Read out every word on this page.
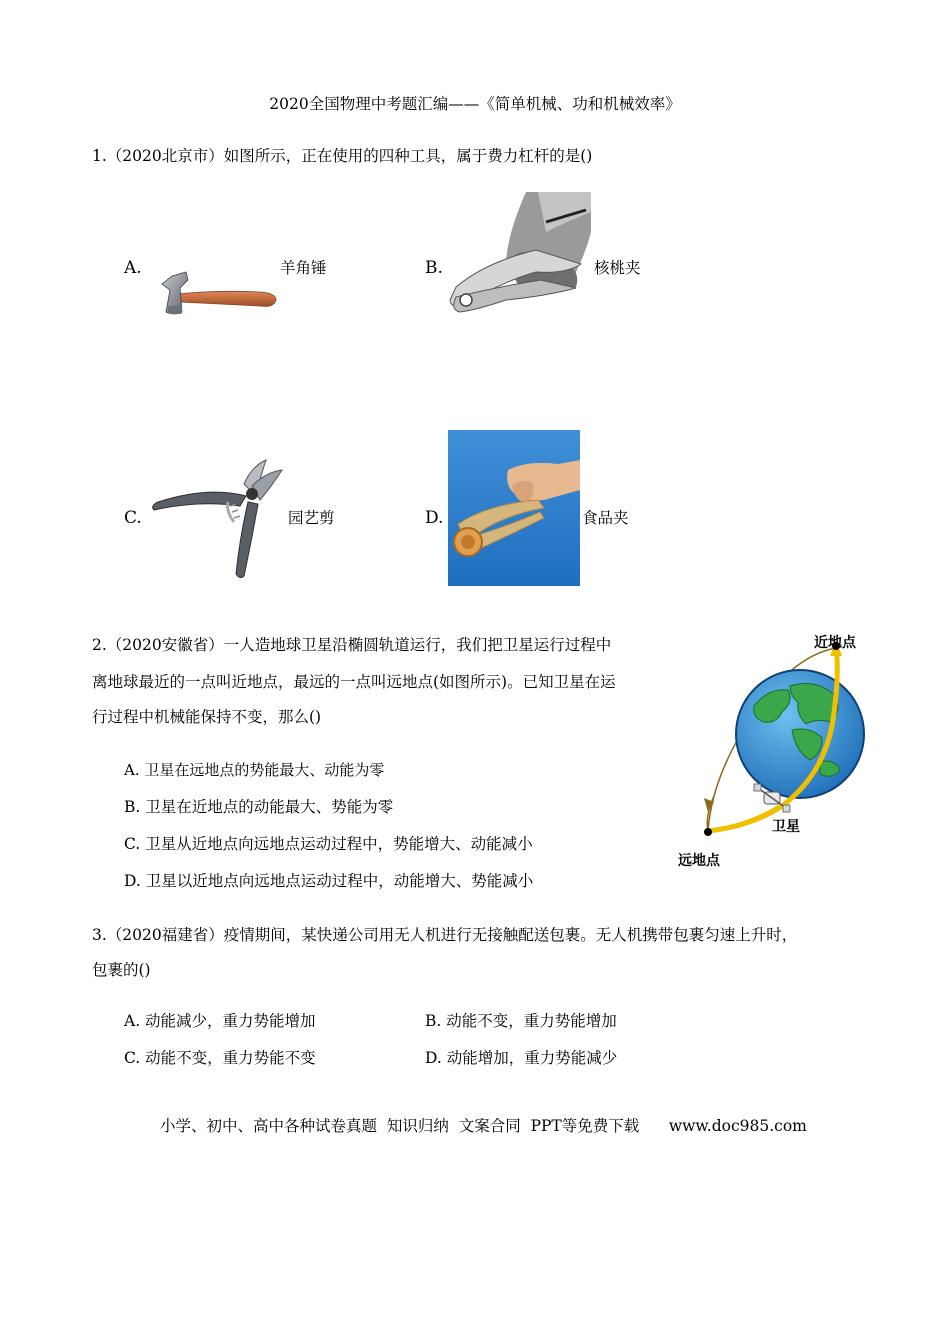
2020全国物理中考题汇编——《简单机械、功和机械效率》
1.（2020北京市）如图所示，正在使用的四种工具，属于费力杠杆的是()
A.	羊角锤	B.	核桃夹
C.	园艺剪	D.	食品夹
2.（2020安徽省）一人造地球卫星沿椭圆轨道运行，我们把卫星运行过程中
离地球最近的一点叫近地点，最远的一点叫远地点(如图所示)。已知卫星在运
行过程中机械能保持不变，那么()
A. 卫星在远地点的势能最大、动能为零
B. 卫星在近地点的动能最大、势能为零
C. 卫星从近地点向远地点运动过程中，势能增大、动能减小
D. 卫星以近地点向远地点运动过程中，动能增大、势能减小
近地点
远地点
卫星
3.（2020福建省）疫情期间，某快递公司用无人机进行无接触配送包裹。无人机携带包裹匀速上升时，
包裹的()
A. 动能减少，重力势能增加	B. 动能不变，重力势能增加
C. 动能不变，重力势能不变	D. 动能增加，重力势能减少
小学、初中、高中各种试卷真题  知识归纳  文案合同  PPT等免费下载      www.doc985.com
